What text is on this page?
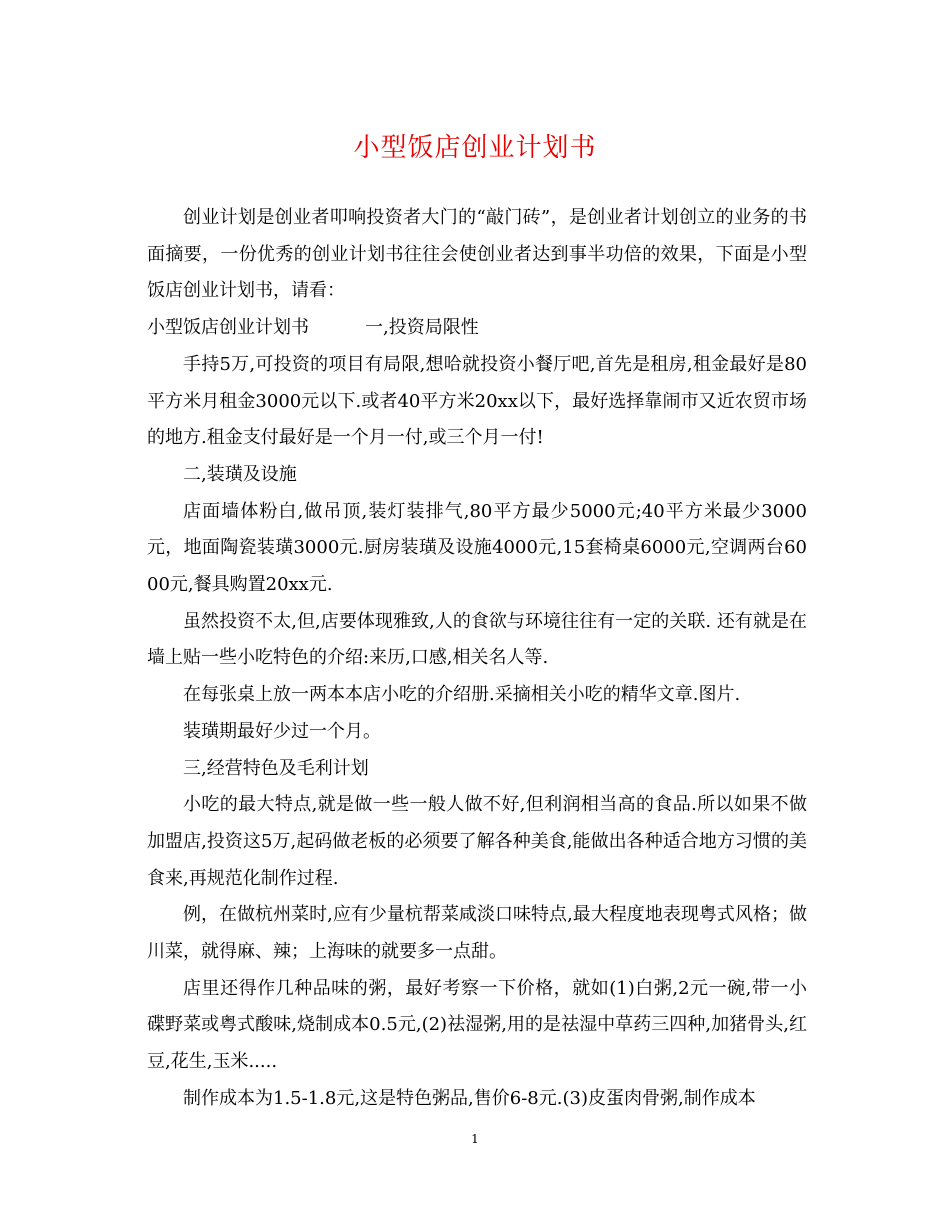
小型饭店创业计划书

创业计划是创业者叩响投资者大门的“敲门砖”，是创业者计划创立的业务的书面摘要，一份优秀的创业计划书往往会使创业者达到事半功倍的效果，下面是小型饭店创业计划书，请看：

小型饭店创业计划书	一,投资局限性

手持5万,可投资的项目有局限,想哈就投资小餐厅吧,首先是租房,租金最好是80平方米月租金3000元以下.或者40平方米20xx以下，最好选择靠闹市又近农贸市场的地方.租金支付最好是一个月一付,或三个月一付!

二,装璜及设施

店面墙体粉白,做吊顶,装灯装排气,80平方最少5000元;40平方米最少3000元，地面陶瓷装璜3000元.厨房装璜及设施4000元,15套椅桌6000元,空调两台6000元,餐具购置20xx元.

虽然投资不太,但,店要体现雅致,人的食欲与环境往往有一定的关联. 还有就是在墙上贴一些小吃特色的介绍:来历,口感,相关名人等.

在每张桌上放一两本本店小吃的介绍册.采摘相关小吃的精华文章.图片.

装璜期最好少过一个月。

三,经营特色及毛利计划

小吃的最大特点,就是做一些一般人做不好,但利润相当高的食品.所以如果不做加盟店,投资这5万,起码做老板的必须要了解各种美食,能做出各种适合地方习惯的美食来,再规范化制作过程.

例，在做杭州菜时,应有少量杭帮菜咸淡口味特点,最大程度地表现粤式风格；做川菜，就得麻、辣；上海味的就要多一点甜。

店里还得作几种品味的粥，最好考察一下价格，就如(1)白粥,2元一碗,带一小碟野菜或粤式酸味,烧制成本0.5元,(2)祛湿粥,用的是祛湿中草药三四种,加猪骨头,红豆,花生,玉米.....

制作成本为1.5-1.8元,这是特色粥品,售价6-8元.(3)皮蛋肉骨粥,制作成本

1
